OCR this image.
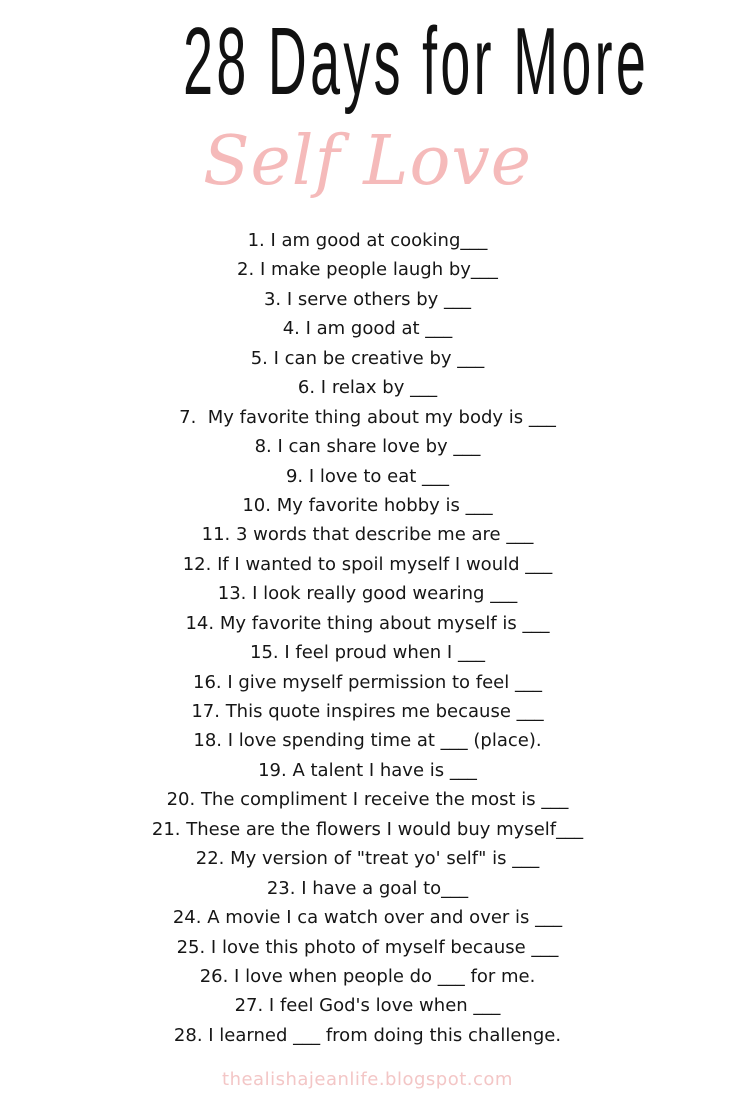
28 Days for More
Self Love
1. I am good at cooking___
2. I make people laugh by___
3. I serve others by ___
4. I am good at ___
5. I can be creative by ___
6. I relax by ___
7.  My favorite thing about my body is ___
8. I can share love by ___
9. I love to eat ___
10. My favorite hobby is ___
11. 3 words that describe me are ___
12. If I wanted to spoil myself I would ___
13. I look really good wearing ___
14. My favorite thing about myself is ___
15. I feel proud when I ___
16. I give myself permission to feel ___
17. This quote inspires me because ___
18. I love spending time at ___ (place).
19. A talent I have is ___
20. The compliment I receive the most is ___
21. These are the flowers I would buy myself___
22. My version of "treat yo' self" is ___
23. I have a goal to___
24. A movie I ca watch over and over is ___
25. I love this photo of myself because ___
26. I love when people do ___ for me.
27. I feel God's love when ___
28. I learned ___ from doing this challenge.
thealishajeanlife.blogspot.com
